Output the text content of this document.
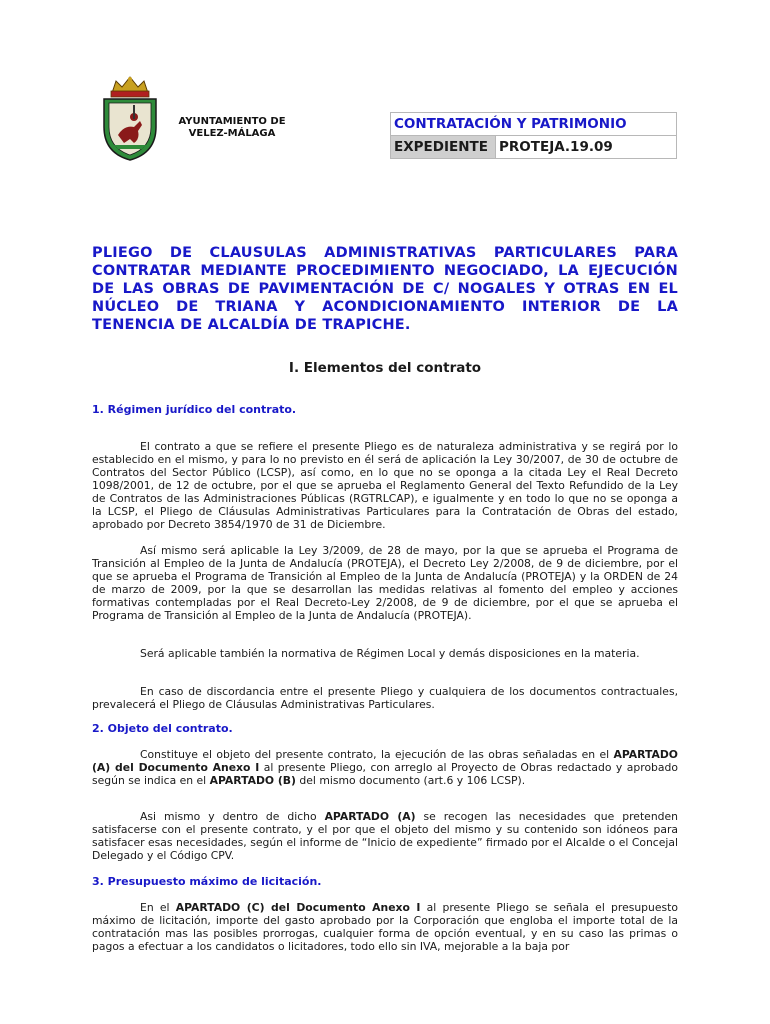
AYUNTAMIENTO DE
VELEZ-MÁLAGA
CONTRATACIÓN Y PATRIMONIO
EXPEDIENTE	PROTEJA.19.09

PLIEGO DE CLAUSULAS ADMINISTRATIVAS PARTICULARES PARA CONTRATAR MEDIANTE PROCEDIMIENTO NEGOCIADO, LA EJECUCIÓN DE LAS OBRAS DE PAVIMENTACIÓN DE C/ NOGALES Y OTRAS EN EL NÚCLEO DE TRIANA Y ACONDICIONAMIENTO INTERIOR DE LA TENENCIA DE ALCALDÍA DE TRAPICHE.

I. Elementos del contrato

1. Régimen jurídico del contrato.

El contrato a que se refiere el presente Pliego es de naturaleza administrativa y se regirá por lo establecido en el mismo, y para lo no previsto en él será de aplicación la Ley 30/2007, de 30 de octubre de Contratos del Sector Público (LCSP), así como, en lo que no se oponga a la citada Ley el Real Decreto 1098/2001, de 12 de octubre, por el que se aprueba el Reglamento General del Texto Refundido de la Ley de Contratos de las Administraciones Públicas (RGTRLCAP), e igualmente y en todo lo que no se oponga a la LCSP, el Pliego de Cláusulas Administrativas Particulares para la Contratación de Obras del estado, aprobado por Decreto 3854/1970 de 31 de Diciembre.

Así mismo será aplicable la Ley 3/2009, de 28 de mayo, por la que se aprueba el Programa de Transición al Empleo de la Junta de Andalucía (PROTEJA), el Decreto Ley 2/2008, de 9 de diciembre, por el que se aprueba el Programa de Transición al Empleo de la Junta de Andalucía (PROTEJA) y la ORDEN de 24 de marzo de 2009, por la que se desarrollan las medidas relativas al fomento del empleo y acciones formativas contempladas por el Real Decreto-Ley 2/2008, de 9 de diciembre, por el que se aprueba el Programa de Transición al Empleo de la Junta de Andalucía (PROTEJA).

Será aplicable también la normativa de Régimen Local y demás disposiciones en la materia.

En caso de discordancia entre el presente Pliego y cualquiera de los documentos contractuales, prevalecerá el Pliego de Cláusulas Administrativas Particulares.

2. Objeto del contrato.

Constituye el objeto del presente contrato, la ejecución de las obras señaladas en el APARTADO (A) del Documento Anexo I al presente Pliego, con arreglo al Proyecto de Obras redactado y aprobado según se indica en el APARTADO (B) del mismo documento (art.6 y 106 LCSP).

Asi mismo y dentro de dicho APARTADO (A) se recogen las necesidades que pretenden satisfacerse con el presente contrato, y el por que el objeto del mismo y su contenido son idóneos para satisfacer esas necesidades, según el informe de “Inicio de expediente” firmado por el Alcalde o el Concejal Delegado y el Código CPV.

3. Presupuesto máximo de licitación.

En el APARTADO (C) del Documento Anexo I al presente Pliego se señala el presupuesto máximo de licitación, importe del gasto aprobado por la Corporación que engloba el importe total de la contratación mas las posibles prorrogas, cualquier forma de opción eventual, y en su caso las primas o pagos a efectuar a los candidatos o licitadores, todo ello sin IVA, mejorable a la baja por
